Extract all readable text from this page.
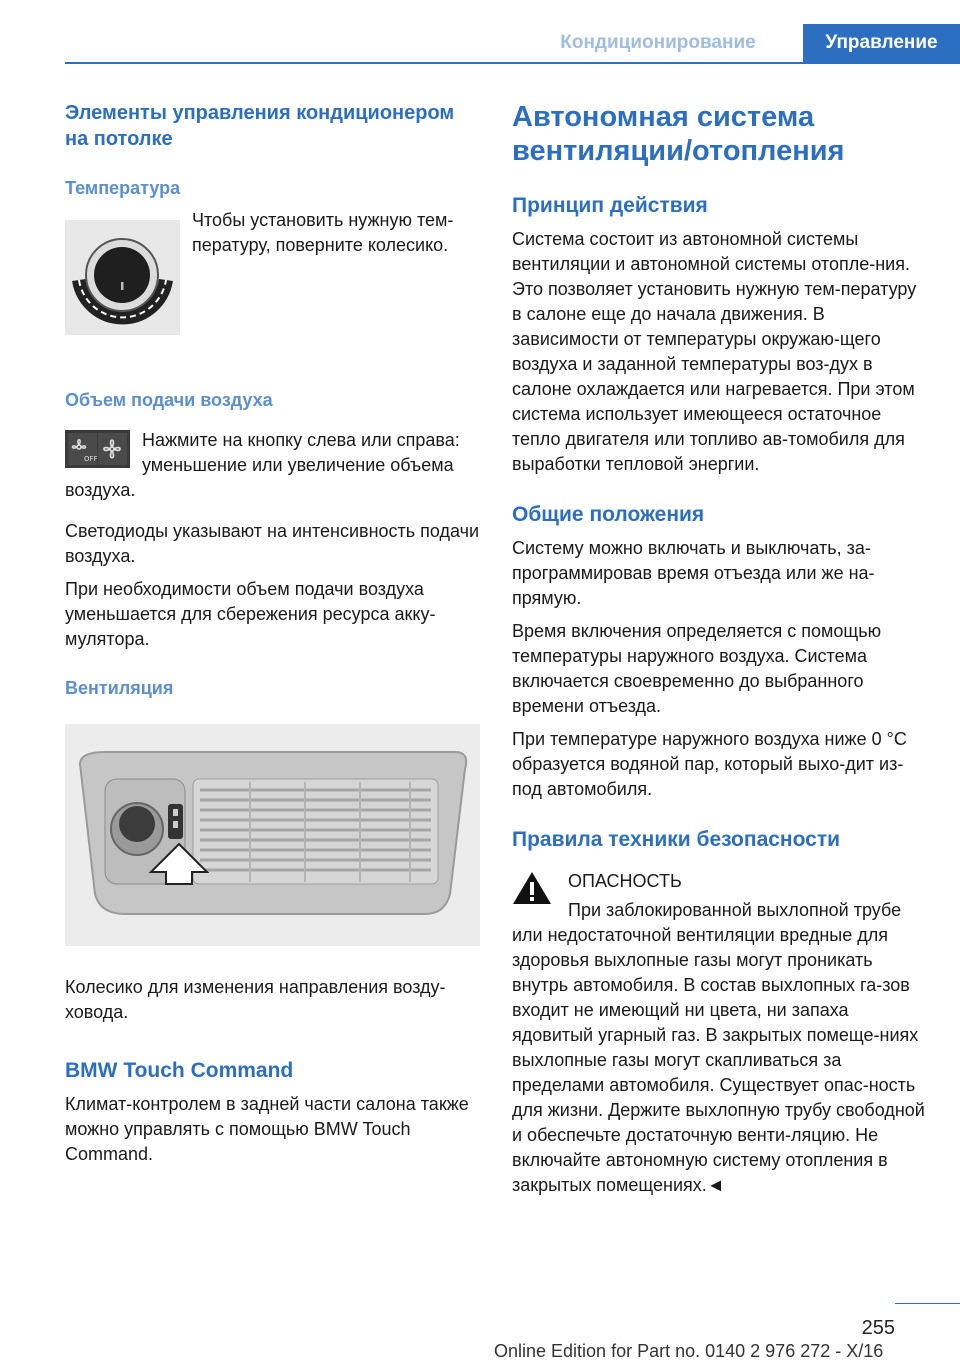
Кондиционирование	Управление
Элементы управления кондиционером на потолке
Температура

Чтобы установить нужную тем-пературу, поверните колесико.

Объем подачи воздуха
OFF

Нажмите на кнопку слева или справа: уменьшение или увеличение объема воздуха.

Светодиоды указывают на интенсивность подачи воздуха.

При необходимости объем подачи воздуха уменьшается для сбережения ресурса акку-мулятора.

Вентиляция

Колесико для изменения направления возду-ховода.

BMW Touch Command

Климат-контролем в задней части салона также можно управлять с помощью BMW Touch Command.

Автономная система вентиляции/отопления
Принцип действия

Система состоит из автономной системы вентиляции и автономной системы отопле-ния. Это позволяет установить нужную тем-пературу в салоне еще до начала движения. В зависимости от температуры окружаю-щего воздуха и заданной температуры воз-дух в салоне охлаждается или нагревается. При этом система использует имеющееся остаточное тепло двигателя или топливо ав-томобиля для выработки тепловой энергии.

Общие положения

Систему можно включать и выключать, за-программировав время отъезда или же на-прямую.

Время включения определяется с помощью температуры наружного воздуха. Система включается своевременно до выбранного времени отъезда.

При температуре наружного воздуха ниже 0 °C образуется водяной пар, который выхо-дит из-под автомобиля.

Правила техники безопасности

ОПАСНОСТЬ

При заблокированной выхлопной трубе или недостаточной вентиляции вредные для здоровья выхлопные газы могут проникать внутрь автомобиля. В состав выхлопных га-зов входит не имеющий ни цвета, ни запаха ядовитый угарный газ. В закрытых помеще-ниях выхлопные газы могут скапливаться за пределами автомобиля. Существует опас-ность для жизни. Держите выхлопную трубу свободной и обеспечьте достаточную венти-ляцию. Не включайте автономную систему отопления в закрытых помещениях.◄

255
Online Edition for Part no. 0140 2 976 272 - X/16
